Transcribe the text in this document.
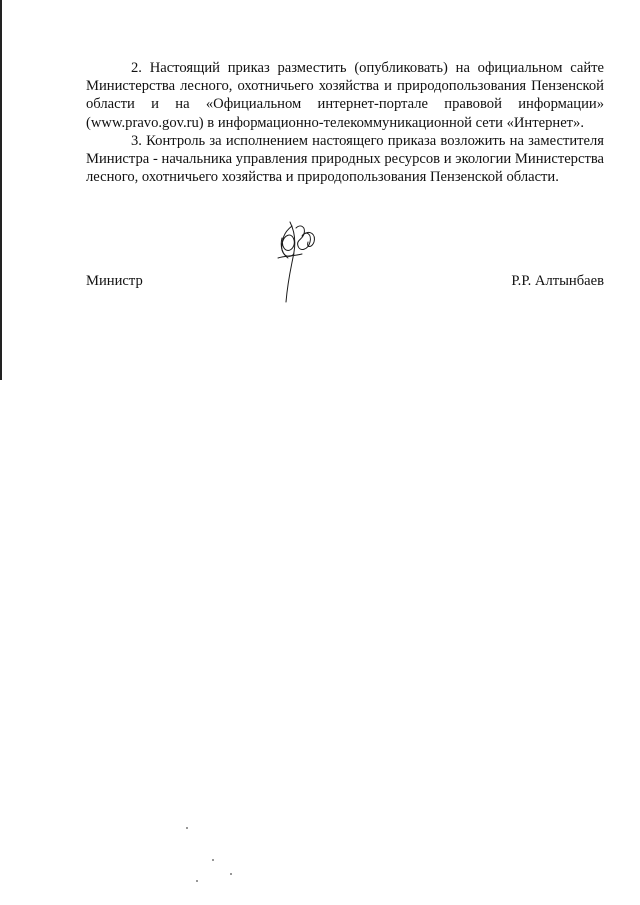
2. Настоящий приказ разместить (опубликовать) на официальном сайте Министерства лесного, охотничьего хозяйства и природопользования Пензенской области и на «Официальном интернет-портале правовой информации» (www.pravo.gov.ru) в информационно-телекоммуникационной сети «Интернет».

3. Контроль за исполнением настоящего приказа возложить на заместителя Министра - начальника управления природных ресурсов и экологии Министерства лесного, охотничьего хозяйства и природопользования Пензенской области.

Министр	Р.Р. Алтынбаев
